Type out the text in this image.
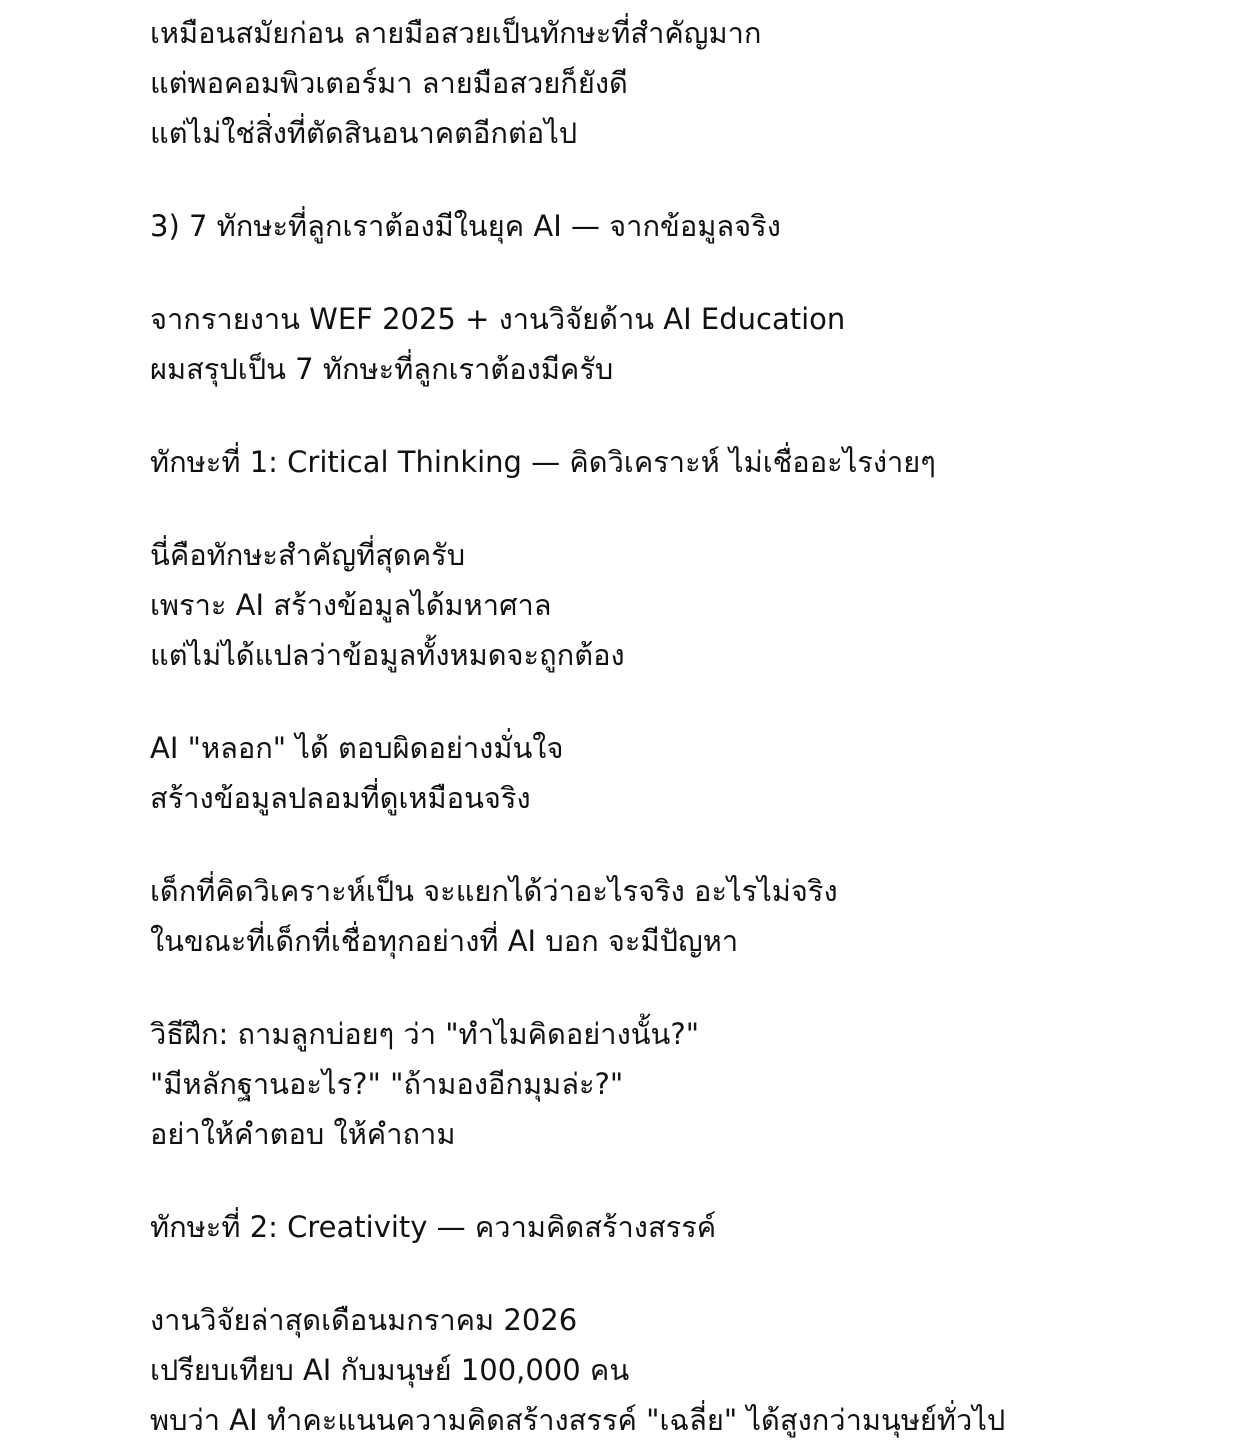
เหมือนสมัยก่อน ลายมือสวยเป็นทักษะที่สำคัญมาก
แต่พอคอมพิวเตอร์มา ลายมือสวยก็ยังดี
แต่ไม่ใช่สิ่งที่ตัดสินอนาคตอีกต่อไป
3) 7 ทักษะที่ลูกเราต้องมีในยุค AI — จากข้อมูลจริง
จากรายงาน WEF 2025 + งานวิจัยด้าน AI Education
ผมสรุปเป็น 7 ทักษะที่ลูกเราต้องมีครับ
ทักษะที่ 1: Critical Thinking — คิดวิเคราะห์ ไม่เชื่ออะไรง่ายๆ
นี่คือทักษะสำคัญที่สุดครับ
เพราะ AI สร้างข้อมูลได้มหาศาล
แต่ไม่ได้แปลว่าข้อมูลทั้งหมดจะถูกต้อง
AI "หลอก" ได้ ตอบผิดอย่างมั่นใจ
สร้างข้อมูลปลอมที่ดูเหมือนจริง
เด็กที่คิดวิเคราะห์เป็น จะแยกได้ว่าอะไรจริง อะไรไม่จริง
ในขณะที่เด็กที่เชื่อทุกอย่างที่ AI บอก จะมีปัญหา
วิธีฝึก: ถามลูกบ่อยๆ ว่า "ทำไมคิดอย่างนั้น?"
"มีหลักฐานอะไร?" "ถ้ามองอีกมุมล่ะ?"
อย่าให้คำตอบ ให้คำถาม
ทักษะที่ 2: Creativity — ความคิดสร้างสรรค์
งานวิจัยล่าสุดเดือนมกราคม 2026
เปรียบเทียบ AI กับมนุษย์ 100,000 คน
พบว่า AI ทำคะแนนความคิดสร้างสรรค์ "เฉลี่ย" ได้สูงกว่ามนุษย์ทั่วไป
